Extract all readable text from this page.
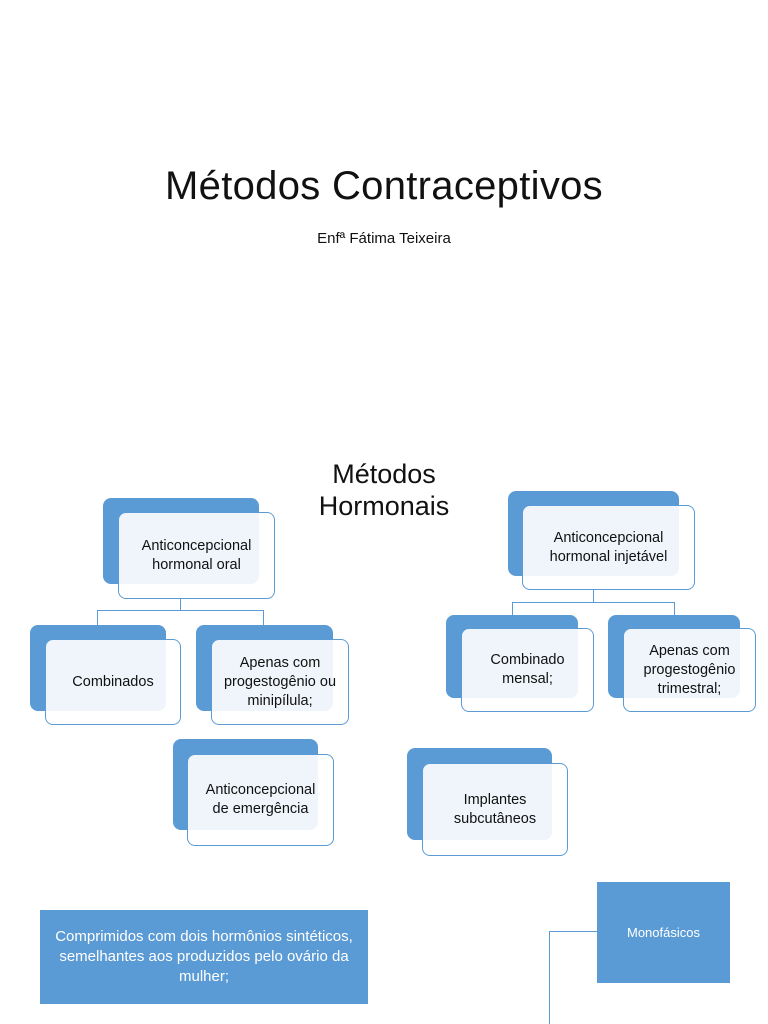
Métodos Contraceptivos
Enfª Fátima Teixeira
Métodos
Hormonais
Anticoncepcional hormonal oral
Combinados
Apenas com progestogênio ou minipílula;
Anticoncepcional de emergência
Anticoncepcional hormonal injetável
Combinado mensal;
Apenas com progestogênio trimestral;
Implantes subcutâneos
Comprimidos com dois hormônios sintéticos, semelhantes aos produzidos pelo ovário da mulher;
Monofásicos
